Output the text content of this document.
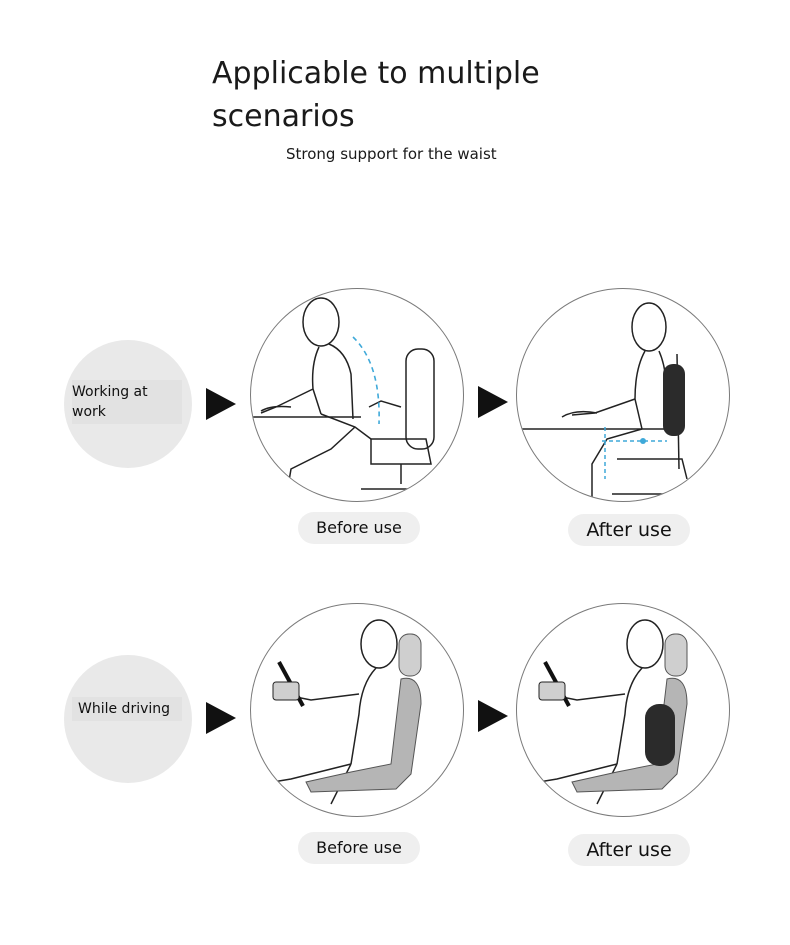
Applicable to multiple scenarios

Strong support for the waist

Working at work
Before use	After use
While driving
Before use	After use
